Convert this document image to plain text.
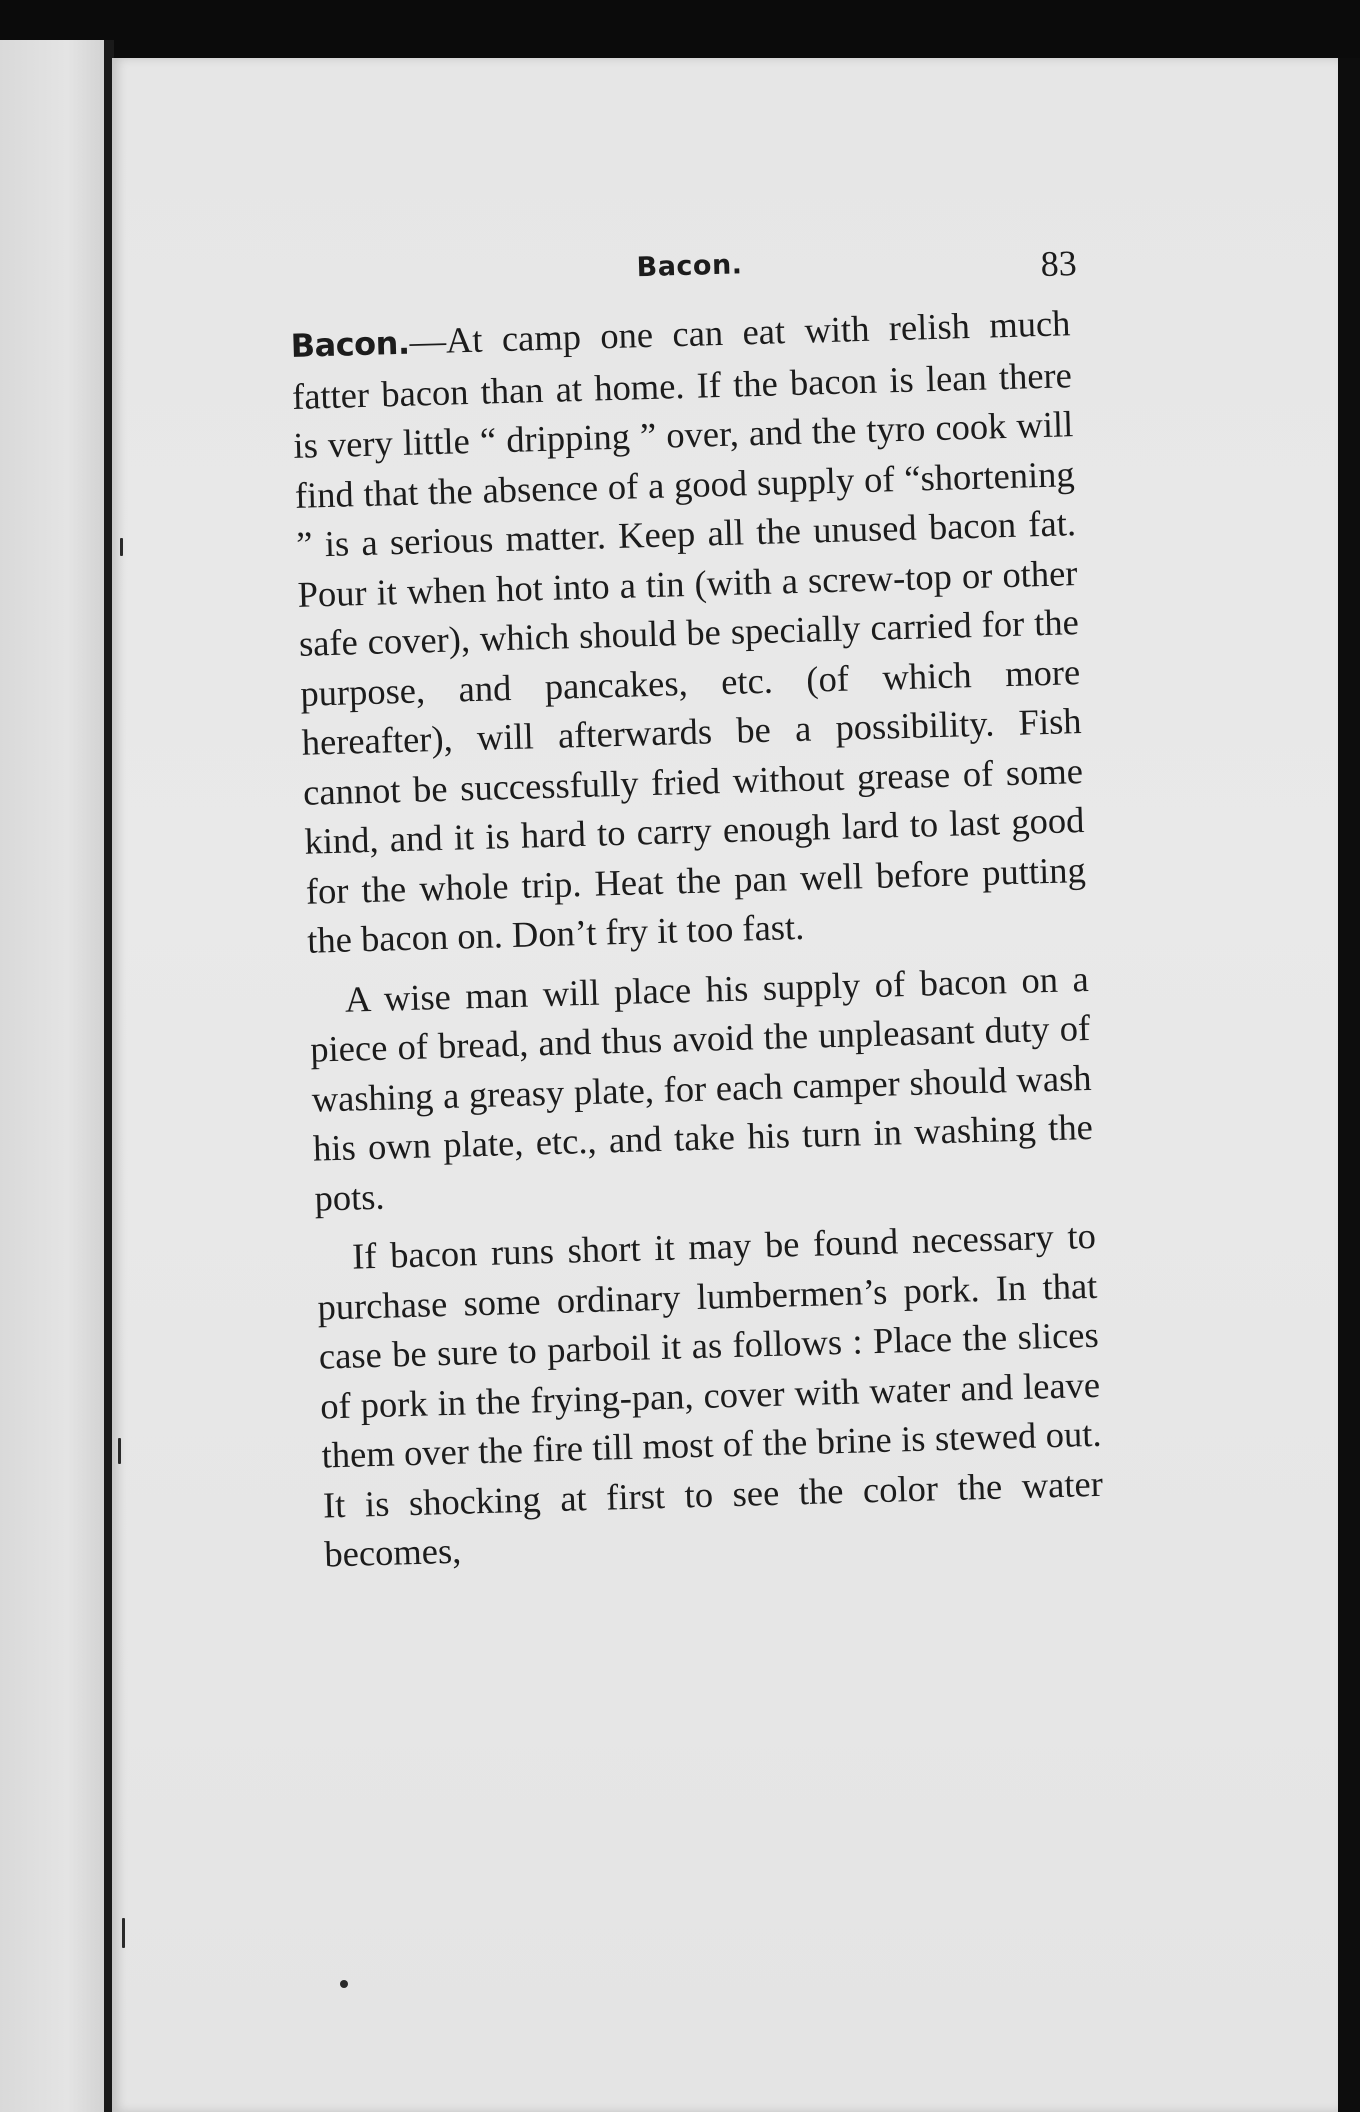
Bacon.	83

Bacon.—At camp one can eat with relish much fatter bacon than at home. If the bacon is lean there is very little “ dripping ” over, and the tyro cook will find that the absence of a good supply of “shortening ” is a serious matter. Keep all the unused bacon fat. Pour it when hot into a tin (with a screw-top or other safe cover), which should be specially carried for the purpose, and pancakes, etc. (of which more hereafter), will afterwards be a possibility. Fish cannot be successfully fried without grease of some kind, and it is hard to carry enough lard to last good for the whole trip. Heat the pan well before putting the bacon on. Don’t fry it too fast.

A wise man will place his supply of bacon on a piece of bread, and thus avoid the unpleasant duty of washing a greasy plate, for each camper should wash his own plate, etc., and take his turn in washing the pots.

If bacon runs short it may be found necessary to purchase some ordinary lumbermen’s pork. In that case be sure to parboil it as follows : Place the slices of pork in the frying-pan, cover with water and leave them over the fire till most of the brine is stewed out. It is shocking at first to see the color the water becomes,
